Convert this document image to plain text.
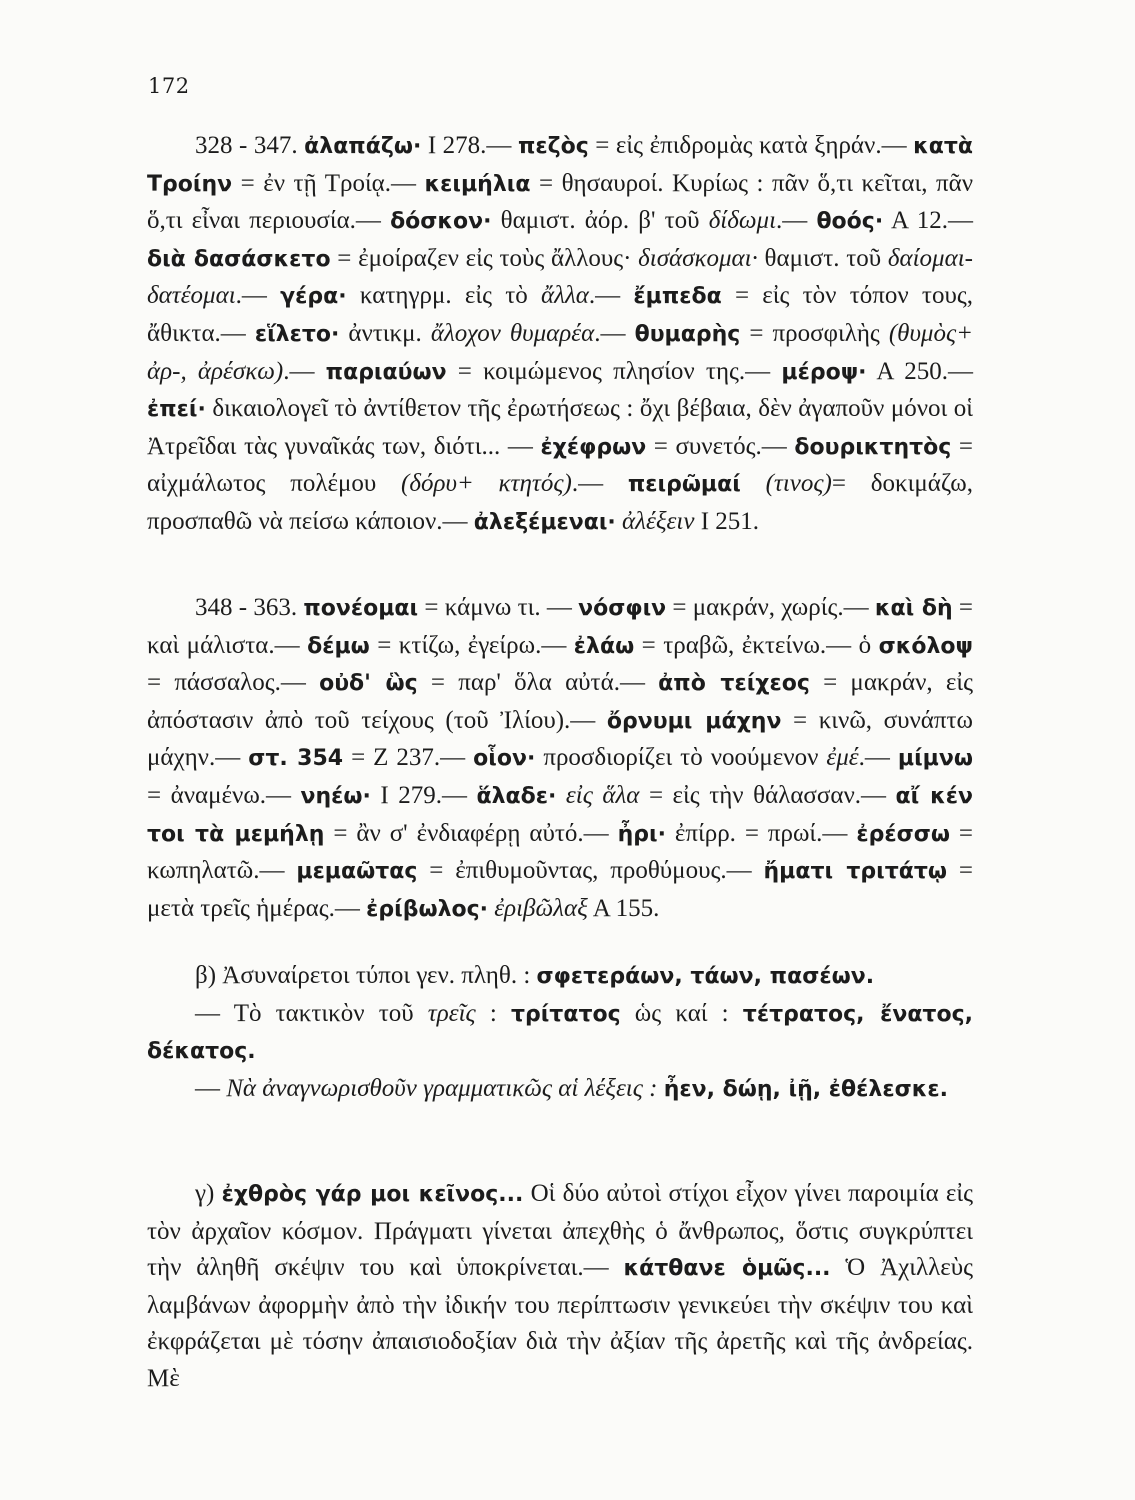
172

328 - 347. ἀλαπάζω· Ι 278.— πεζὸς = εἰς ἐπιδρομὰς κατὰ ξηράν.— κατὰ Τροίην = ἐν τῇ Τροίᾳ.— κειμήλια = θησαυροί. Κυρίως : πᾶν ὅ,τι κεῖται, πᾶν ὅ,τι εἶναι περιουσία.— δόσκον· θαμιστ. ἀόρ. β' τοῦ δίδωμι.— θοός· Α 12.— διὰ δασάσκετο = ἐμοίραζεν εἰς τοὺς ἄλλους· δισάσκομαι· θαμιστ. τοῦ δαίομαι-δατέομαι.— γέρα· κατηγρμ. εἰς τὸ ἄλλα.— ἔμπεδα = εἰς τὸν τόπον τους, ἄθικτα.— εἵλετο· ἀντικμ. ἄλοχον θυμαρέα.— θυμαρὴς = προσφιλὴς (θυμὸς+ ἀρ-, ἀρέσκω).— παριαύων = κοιμώμενος πλησίον της.— μέροψ· Α 250.— ἐπεί· δικαιολογεῖ τὸ ἀντίθετον τῆς ἐρωτήσεως : ὄχι βέβαια, δὲν ἀγαποῦν μόνοι οἱ Ἀτρεῖδαι τὰς γυναῖκάς των, διότι... — ἐχέφρων = συνετός.— δουρικτητὸς = αἰχμάλωτος πολέμου (δόρυ+ κτητός).— πειρῶμαί (τινος)= δοκιμάζω, προσπαθῶ νὰ πείσω κάποιον.— ἀλεξέμεναι· ἀλέξειν Ι 251.

348 - 363. πονέομαι = κάμνω τι. — νόσφιν = μακράν, χωρίς.— καὶ δὴ = καὶ μάλιστα.— δέμω = κτίζω, ἐγείρω.— ἐλάω = τραβῶ, ἐκτείνω.— ὁ σκόλοψ = πάσσαλος.— οὐδ' ὣς = παρ' ὅλα αὐτά.— ἀπὸ τείχεος = μακράν, εἰς ἀπόστασιν ἀπὸ τοῦ τείχους (τοῦ Ἰλίου).— ὄρνυμι μάχην = κινῶ, συνάπτω μάχην.— στ. 354 = Ζ 237.— οἷον· προσδιορίζει τὸ νοούμενον ἐμέ.— μίμνω = ἀναμένω.— νηέω· Ι 279.— ἅλαδε· εἰς ἅλα = εἰς τὴν θάλασσαν.— αἴ κέν τοι τὰ μεμήλῃ = ἂν σ' ἐνδιαφέρῃ αὐτό.— ἦρι· ἐπίρρ. = πρωί.— ἐρέσσω = κωπηλατῶ.— μεμαῶτας = ἐπιθυμοῦντας, προθύμους.— ἤματι τριτάτῳ = μετὰ τρεῖς ἡμέρας.— ἐρίβωλος· ἐριβῶλαξ Α 155.

β) Ἀσυναίρετοι τύποι γεν. πληθ. : σφετεράων, τάων, πασέων.

— Τὸ τακτικὸν τοῦ τρεῖς : τρίτατος ὡς καί : τέτρατος, ἔνατος, δέκατος.

— Νὰ ἀναγνωρισθοῦν γραμματικῶς αἱ λέξεις : ἦεν, δώῃ, ἰῇ, ἐθέλεσκε.

γ) ἐχθρὸς γάρ μοι κεῖνος... Οἱ δύο αὐτοὶ στίχοι εἶχον γίνει παροιμία εἰς τὸν ἀρχαῖον κόσμον. Πράγματι γίνεται ἀπεχθὴς ὁ ἄνθρωπος, ὅστις συγκρύπτει τὴν ἀληθῆ σκέψιν του καὶ ὑποκρίνεται.— κάτθανε ὁμῶς... Ὁ Ἀχιλλεὺς λαμβάνων ἀφορμὴν ἀπὸ τὴν ἰδικήν του περίπτωσιν γενικεύει τὴν σκέψιν του καὶ ἐκφράζεται μὲ τόσην ἀπαισιοδοξίαν διὰ τὴν ἀξίαν τῆς ἀρετῆς καὶ τῆς ἀνδρείας. Μὲ
